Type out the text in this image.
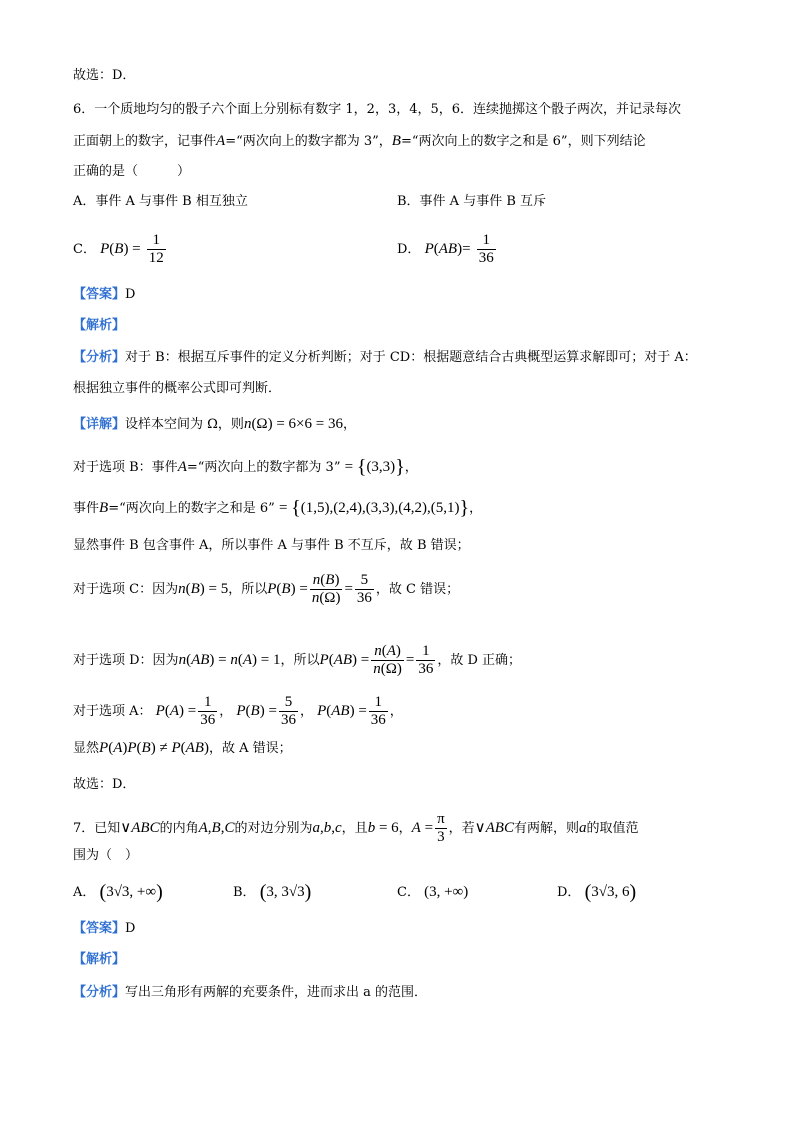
故选：D．
6．一个质地均匀的骰子六个面上分别标有数字 1，2，3，4，5，6．连续抛掷这个骰子两次，并记录每次
正面朝上的数字，记事件A=“两次向上的数字都为 3”，B=“两次向上的数字之和是 6”，则下列结论
正确的是（　　　）
A．事件 A 与事件 B 相互独立	B．事件 A 与事件 B 互斥
C． $P(B) = \frac{1}{12}$	D． $P(AB)= \frac{1}{36}$
【答案】D
【解析】
【分析】对于 B：根据互斥事件的定义分析判断；对于 CD：根据题意结合古典概型运算求解即可；对于 A：
根据独立事件的概率公式即可判断．
【详解】设样本空间为 Ω，则n(Ω) = 6×6 = 36，
对于选项 B：事件A=“两次向上的数字都为 3” = {(3,3)}，
事件B=“两次向上的数字之和是 6” = {(1,5),(2,4),(3,3),(4,2),(5,1)}，
显然事件 B 包含事件 A，所以事件 A 与事件 B 不互斥，故 B 错误；
对于选项 C：因为n(B) = 5，所以$P(B) = \frac{n(B)}{n(\Omega)} = \frac{5}{36}$ ，故 C 错误；
对于选项 D：因为n(AB) = n(A) = 1，所以$P(AB) = \frac{n(A)}{n(\Omega)} = \frac{1}{36}$ ，故 D 正确；
对于选项 A： $P(A) = \frac{1}{36}$ ， $P(B) = \frac{5}{36}$ ， $P(AB) = \frac{1}{36}$ ，
显然P(A)P(B) ≠ P(AB)，故 A 错误；
故选：D．
7．已知∨ABC的内角A,B,C的对边分别为a,b,c，且b = 6，$A = \frac{\pi}{3}$ ，若∨ABC有两解，则a的取值范
围为（　）
A． (3√3, +∞)	B． (3, 3√3)	C． (3, +∞)	D． (3√3, 6)
【答案】D
【解析】
【分析】写出三角形有两解的充要条件，进而求出 a 的范围．
